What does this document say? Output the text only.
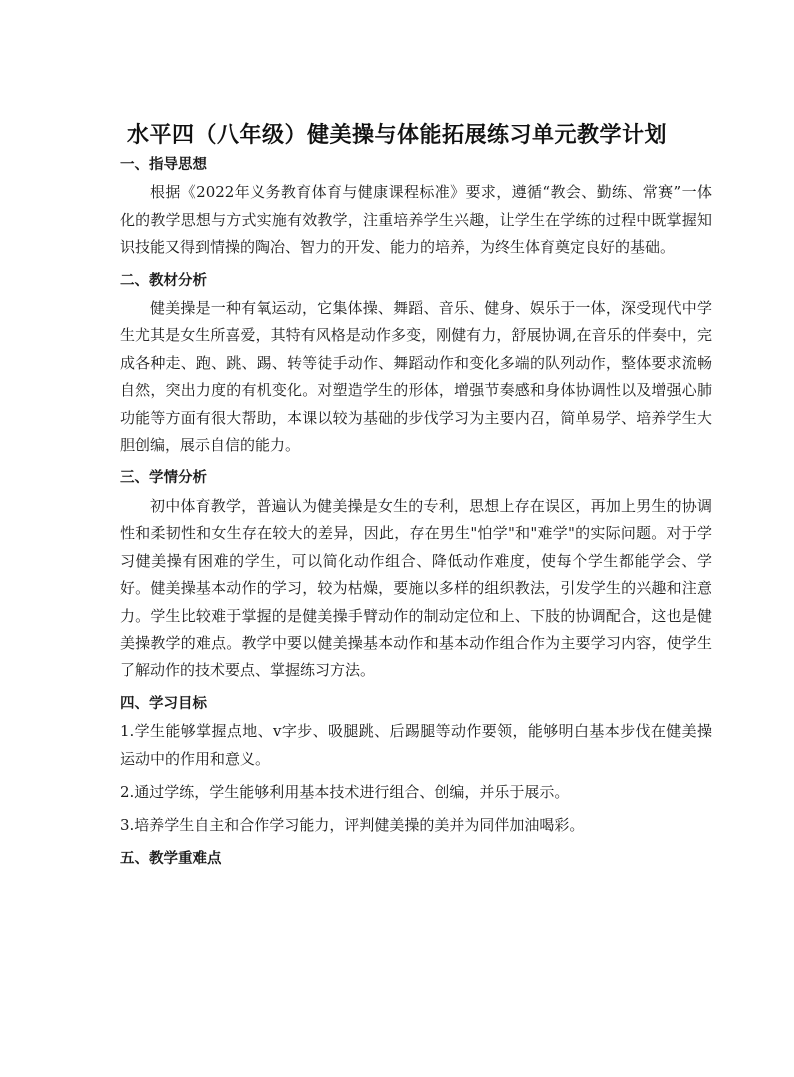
水平四（八年级）健美操与体能拓展练习单元教学计划

一、指导思想

根据《2022年义务教育体育与健康课程标准》要求，遵循“教会、勤练、常赛”一体化的教学思想与方式实施有效教学，注重培养学生兴趣，让学生在学练的过程中既掌握知识技能又得到情操的陶冶、智力的开发、能力的培养，为终生体育奠定良好的基础。

二、教材分析

健美操是一种有氧运动，它集体操、舞蹈、音乐、健身、娱乐于一体，深受现代中学生尤其是女生所喜爱，其特有风格是动作多变，刚健有力，舒展协调,在音乐的伴奏中，完成各种走、跑、跳、踢、转等徒手动作、舞蹈动作和变化多端的队列动作，整体要求流畅自然，突出力度的有机变化。对塑造学生的形体，增强节奏感和身体协调性以及增强心肺功能等方面有很大帮助，本课以较为基础的步伐学习为主要内召，简单易学、培养学生大胆创编，展示自信的能力。

三、学情分析

初中体育教学，普遍认为健美操是女生的专利，思想上存在误区，再加上男生的协调性和柔韧性和女生存在较大的差异，因此，存在男生"怕学"和"难学"的实际问题。对于学习健美操有困难的学生，可以简化动作组合、降低动作难度，使每个学生都能学会、学好。健美操基本动作的学习，较为枯燥，要施以多样的组织教法，引发学生的兴趣和注意力。学生比较难于掌握的是健美操手臂动作的制动定位和上、下肢的协调配合，这也是健美操教学的难点。教学中要以健美操基本动作和基本动作组合作为主要学习内容，使学生了解动作的技术要点、掌握练习方法。

四、学习目标

1.学生能够掌握点地、v字步、吸腿跳、后踢腿等动作要领，能够明白基本步伐在健美操运动中的作用和意义。

2.通过学练，学生能够利用基本技术进行组合、创编，并乐于展示。

3.培养学生自主和合作学习能力，评判健美操的美并为同伴加油喝彩。

五、教学重难点
